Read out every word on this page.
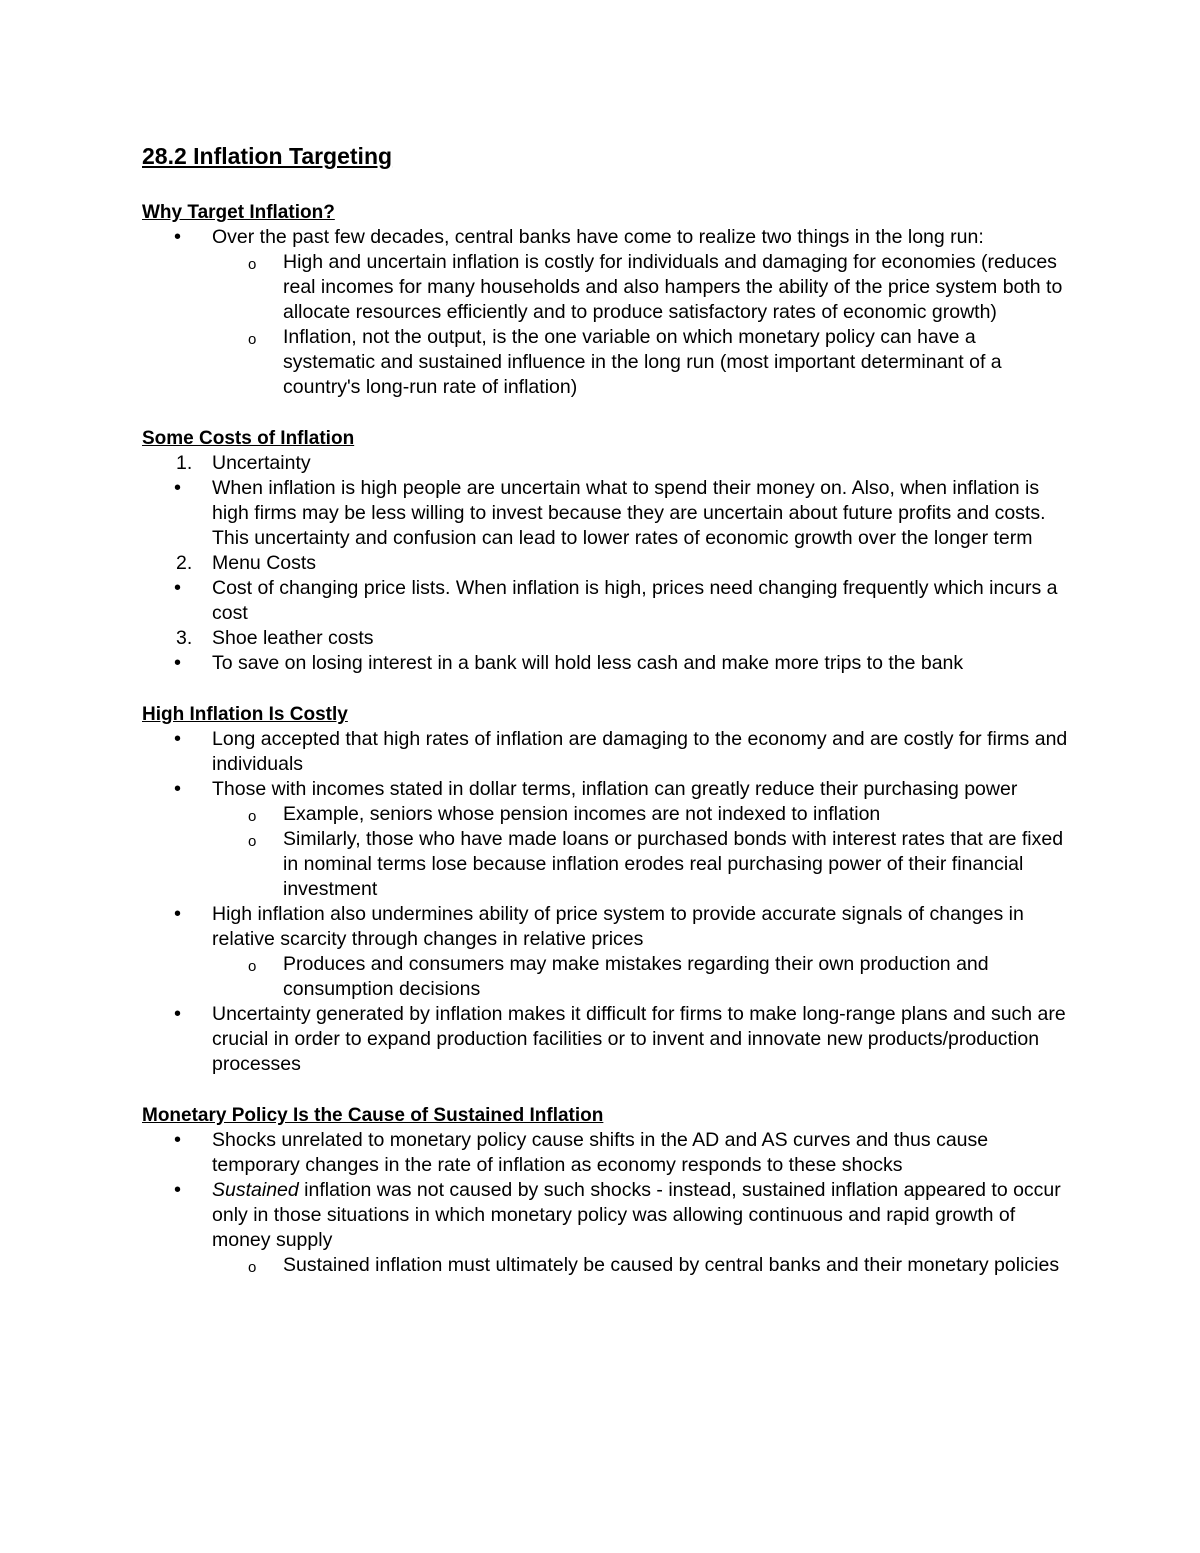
28.2 Inflation Targeting
Why Target Inflation?
• Over the past few decades, central banks have come to realize two things in the long run:
o High and uncertain inflation is costly for individuals and damaging for economies (reduces real incomes for many households and also hampers the ability of the price system both to allocate resources efficiently and to produce satisfactory rates of economic growth)
o Inflation, not the output, is the one variable on which monetary policy can have a systematic and sustained influence in the long run (most important determinant of a country's long-run rate of inflation)
Some Costs of Inflation
1. Uncertainty
• When inflation is high people are uncertain what to spend their money on. Also, when inflation is high firms may be less willing to invest because they are uncertain about future profits and costs. This uncertainty and confusion can lead to lower rates of economic growth over the longer term
2. Menu Costs
• Cost of changing price lists. When inflation is high, prices need changing frequently which incurs a cost
3. Shoe leather costs
• To save on losing interest in a bank will hold less cash and make more trips to the bank
High Inflation Is Costly
• Long accepted that high rates of inflation are damaging to the economy and are costly for firms and individuals
• Those with incomes stated in dollar terms, inflation can greatly reduce their purchasing power
o Example, seniors whose pension incomes are not indexed to inflation
o Similarly, those who have made loans or purchased bonds with interest rates that are fixed in nominal terms lose because inflation erodes real purchasing power of their financial investment
• High inflation also undermines ability of price system to provide accurate signals of changes in relative scarcity through changes in relative prices
o Produces and consumers may make mistakes regarding their own production and consumption decisions
• Uncertainty generated by inflation makes it difficult for firms to make long-range plans and such are crucial in order to expand production facilities or to invent and innovate new products/production processes
Monetary Policy Is the Cause of Sustained Inflation
• Shocks unrelated to monetary policy cause shifts in the AD and AS curves and thus cause temporary changes in the rate of inflation as economy responds to these shocks
• Sustained inflation was not caused by such shocks - instead, sustained inflation appeared to occur only in those situations in which monetary policy was allowing continuous and rapid growth of money supply
o Sustained inflation must ultimately be caused by central banks and their monetary policies
